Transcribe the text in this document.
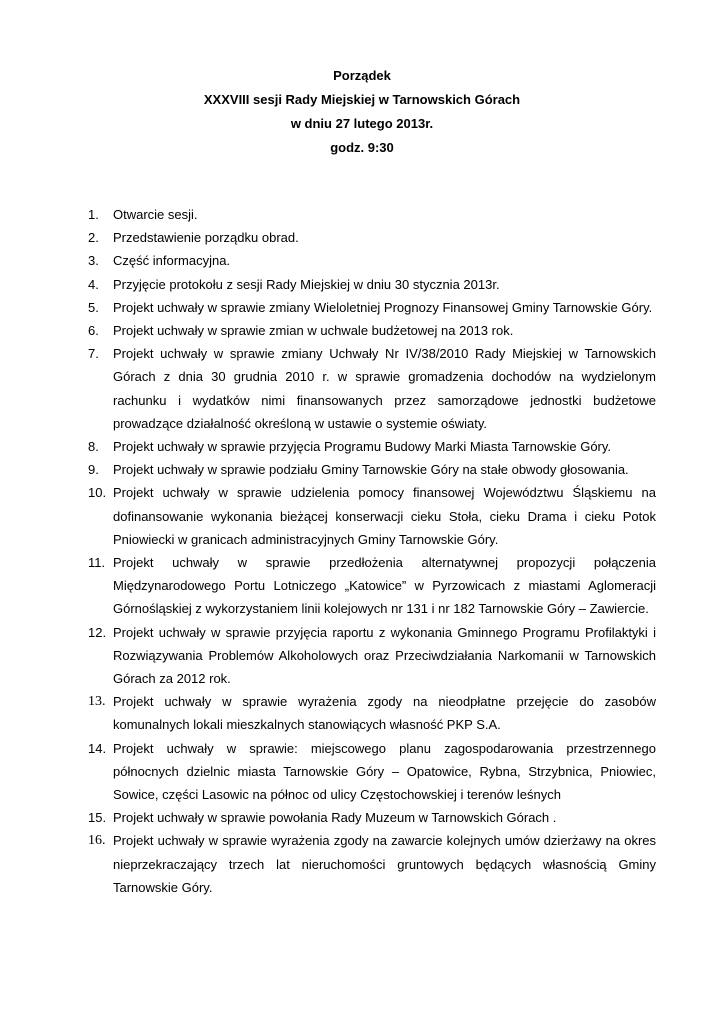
Porządek
XXXVIII sesji Rady Miejskiej w Tarnowskich Górach
w dniu 27 lutego 2013r.
godz. 9:30
1.	Otwarcie sesji.
2.	Przedstawienie porządku obrad.
3.	Część informacyjna.
4.	Przyjęcie protokołu z sesji Rady Miejskiej w dniu 30 stycznia 2013r.
5.	Projekt uchwały w sprawie zmiany Wieloletniej Prognozy Finansowej Gminy Tarnowskie Góry.
6.	Projekt uchwały w sprawie zmian w uchwale budżetowej na 2013 rok.
7.	Projekt uchwały w sprawie zmiany Uchwały Nr IV/38/2010 Rady Miejskiej w Tarnowskich Górach z dnia 30 grudnia 2010 r. w sprawie gromadzenia dochodów na wydzielonym rachunku i wydatków nimi finansowanych przez samorządowe jednostki budżetowe prowadzące działalność określoną w ustawie o systemie oświaty.
8.	Projekt uchwały w sprawie przyjęcia Programu Budowy Marki Miasta Tarnowskie Góry.
9.	Projekt uchwały w sprawie podziału Gminy Tarnowskie Góry na stałe obwody głosowania.
10. Projekt uchwały w sprawie udzielenia pomocy finansowej Województwu Śląskiemu na dofinansowanie wykonania bieżącej konserwacji cieku Stoła, cieku Drama i cieku Potok Pniowiecki w granicach administracyjnych Gminy Tarnowskie Góry.
11. Projekt uchwały w sprawie przedłożenia alternatywnej propozycji połączenia Międzynarodowego Portu Lotniczego „Katowice” w Pyrzowicach z miastami Aglomeracji Górnośląskiej z wykorzystaniem linii kolejowych nr 131 i nr 182 Tarnowskie Góry – Zawiercie.
12. Projekt uchwały w sprawie przyjęcia raportu z wykonania Gminnego Programu Profilaktyki i Rozwiązywania Problemów Alkoholowych oraz Przeciwdziałania Narkomanii w Tarnowskich Górach za 2012 rok.
13. Projekt uchwały w sprawie wyrażenia zgody na nieodpłatne przejęcie do zasobów komunalnych lokali mieszkalnych stanowiących własność PKP S.A.
14. Projekt uchwały w sprawie: miejscowego planu zagospodarowania przestrzennego północnych dzielnic miasta Tarnowskie Góry – Opatowice, Rybna, Strzybnica, Pniowiec, Sowice, części Lasowic na północ od ulicy Częstochowskiej i terenów leśnych
15. Projekt uchwały w sprawie powołania Rady Muzeum w Tarnowskich Górach .
16. Projekt uchwały w sprawie wyrażenia zgody na zawarcie kolejnych umów dzierżawy na okres nieprzekraczający trzech lat nieruchomości gruntowych będących własnością Gminy Tarnowskie Góry.
